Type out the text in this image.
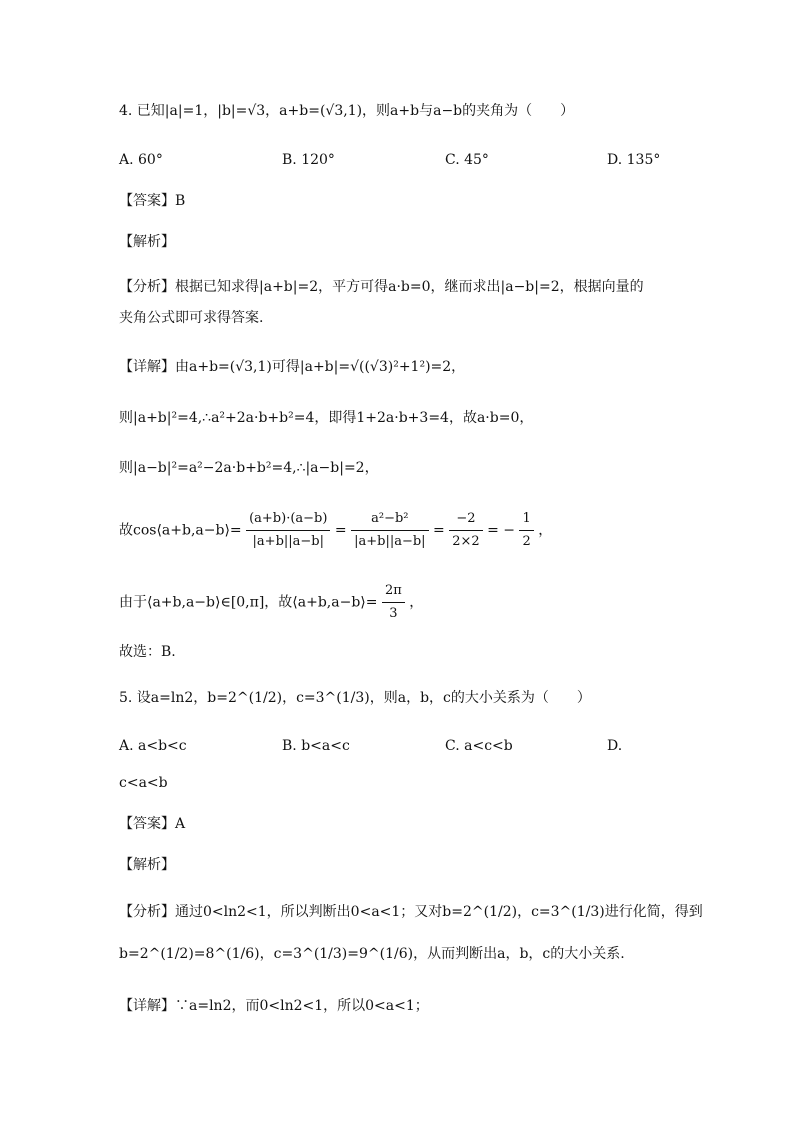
4. 已知|a|=1，|b|=√3，a+b=(√3,1)，则a+b与a−b的夹角为（　　）
A. 60°	B. 120°	C. 45°	D. 135°
【答案】B
【解析】
【分析】根据已知求得|a+b|=2，平方可得a·b=0，继而求出|a−b|=2，根据向量的
夹角公式即可求得答案.
【详解】由a+b=(√3,1)可得|a+b|=√((√3)²+1²)=2，
则|a+b|²=4,∴a²+2a·b+b²=4，即得1+2a·b+3=4，故a·b=0，
则|a−b|²=a²−2a·b+b²=4,∴|a−b|=2，
故cos⟨a+b,a−b⟩= $\frac{(a+b)\cdot(a-b)}{|a+b||a-b|} = \frac{\text{a²−b²}}{|a+b||a-b|} = \frac{-2}{2\times 2}$ = − $\frac{1}{2}$ ，
由于⟨a+b,a−b⟩∈[0,π]，故⟨a+b,a−b⟩= $\frac{2\pi}{3}$ ，
故选：B.
5. 设a=ln2，b=2^(1/2)，c=3^(1/3)，则a，b，c的大小关系为（　　）
A. a<b<c	B. b<a<c	C. a<c<b	D.
c<a<b
【答案】A
【解析】
【分析】通过0<ln2<1，所以判断出0<a<1；又对b=2^(1/2)，c=3^(1/3)进行化简，得到
b=2^(1/2)=8^(1/6)，c=3^(1/3)=9^(1/6)，从而判断出a，b，c的大小关系.
【详解】∵a=ln2，而0<ln2<1，所以0<a<1；
